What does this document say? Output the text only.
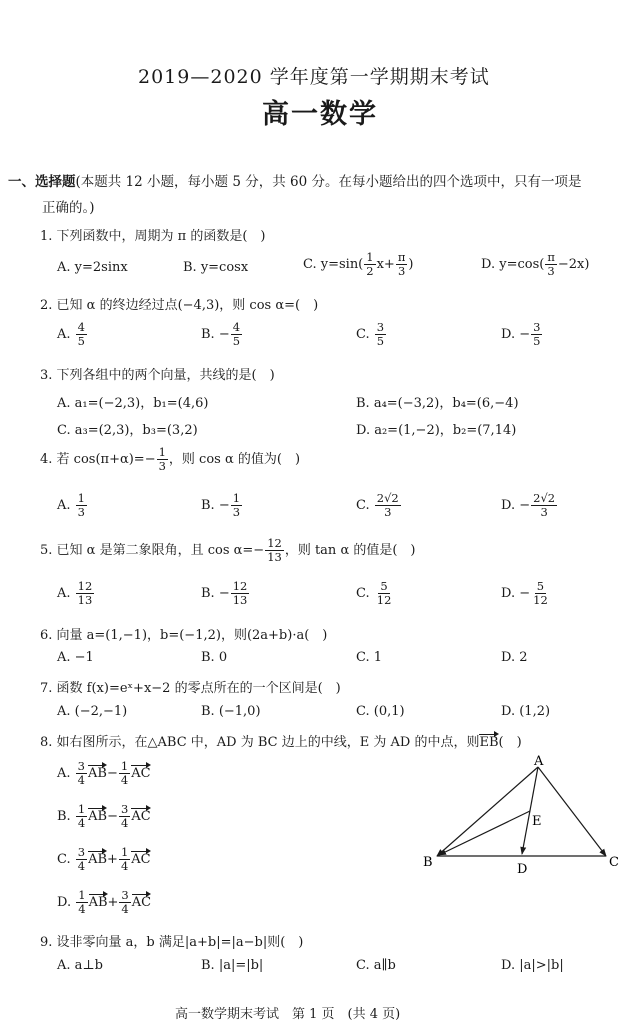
2019—2020 学年度第一学期期末考试
高一数学
一、选择题(本题共 12 小题，每小题 5 分，共 60 分。在每小题给出的四个选项中，只有一项是
正确的。)
1. 下列函数中，周期为 π 的函数是(　)
A. y=2sinx	B. y=cosx	C. $y=\sin( \frac{1}{2} x+ \frac{\pi}{3}$ )	D. $y=\cos( \frac{\pi}{3} -2x)$
2. 已知 α 的终边经过点(−4,3)，则 cos α=(　)
A. $\frac{4}{5}$	B. − $\frac{4}{5}$	C. $\frac{3}{5}$	D. − $\frac{3}{5}$
3. 下列各组中的两个向量，共线的是(　)
A. a₁=(−2,3)，b₁=(4,6)	B. a₄=(−3,2)，b₄=(6,−4)
C. a₃=(2,3)，b₃=(3,2)	D. a₂=(1,−2)，b₂=(7,14)
4. 若 $\cos(\pi+\alpha)=- \frac{1}{3}$ ，则 cos α 的值为(　)
A. $\frac{1}{3}$	B. − $\frac{1}{3}$	C. $\frac{2√2}{3}$	D. − $\frac{2√2}{3}$
5. 已知 α 是第二象限角，且 $\cos \alpha=- \frac{12}{13}$ ，则 tan α 的值是(　)
A. $\frac{12}{13}$	B. − $\frac{12}{13}$	C. $\frac{5}{12}$	D. − $\frac{5}{12}$
6. 向量 a=(1,−1)，b=(−1,2)，则(2a+b)·a(　)
A. −1	B. 0	C. 1	D. 2
7. 函数 f(x)=eˣ+x−2 的零点所在的一个区间是(　)
A. (−2,−1)	B. (−1,0)	C. (0,1)	D. (1,2)
8. 如右图所示，在△ABC 中，AD 为 BC 边上的中线，E 为 AD 的中点，则EB(　)
A. $\frac{3}{4} AB- \frac{1}{4}$ AC
B. $\frac{1}{4} AB- \frac{3}{4}$ AC
C. $\frac{3}{4} AB+ \frac{1}{4}$ AC
D. $\frac{1}{4} AB+ \frac{3}{4}$ AC
A
B	C
D
E
9. 设非零向量 a，b 满足|a+b|=|a−b|则(　)
A. a⊥b	B. |a|=|b|	C. a∥b	D. |a|>|b|
高一数学期末考试　第 1 页　(共 4 页)
